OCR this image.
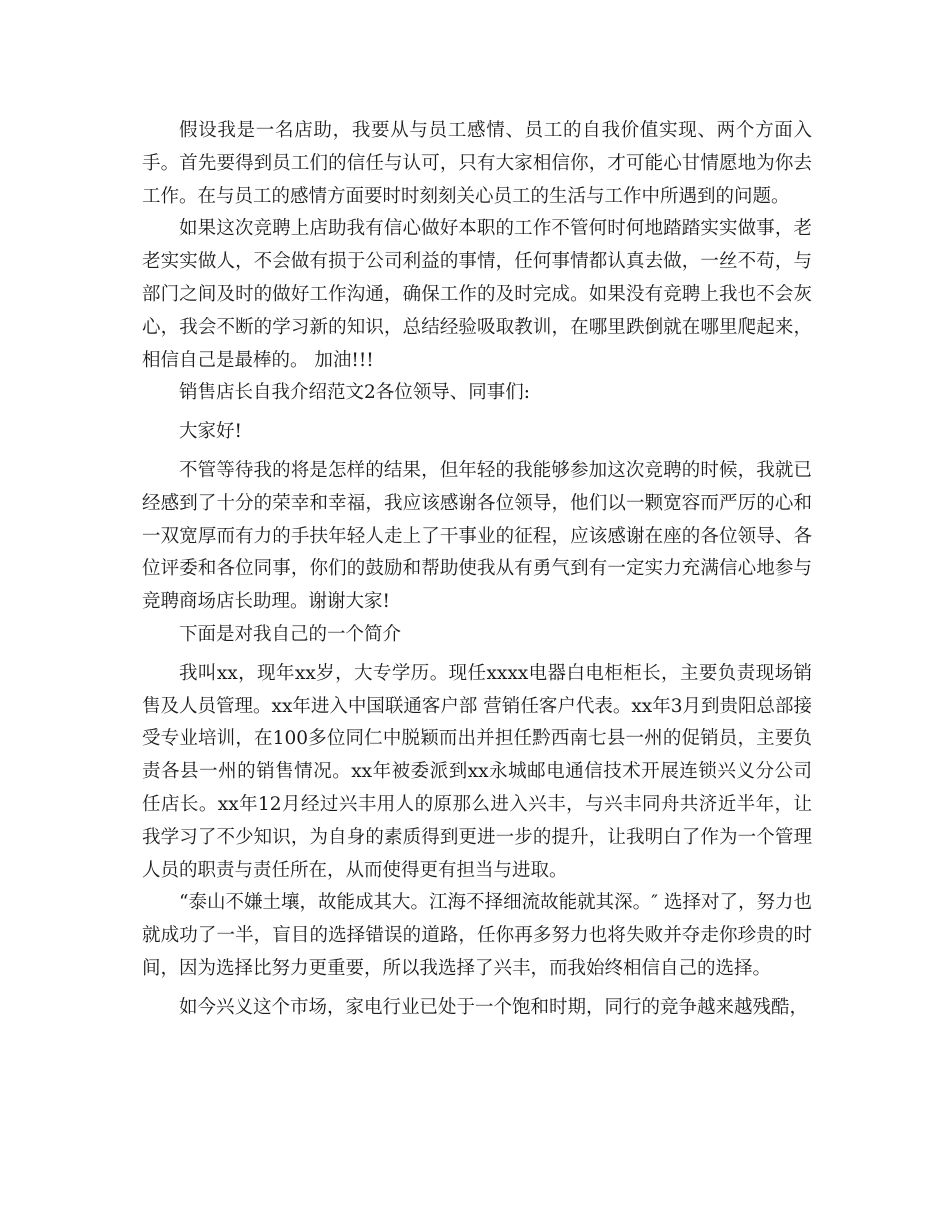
假设我是一名店助，我要从与员工感情、员工的自我价值实现、两个方面入手。首先要得到员工们的信任与认可，只有大家相信你，才可能心甘情愿地为你去工作。在与员工的感情方面要时时刻刻关心员工的生活与工作中所遇到的问题。

如果这次竞聘上店助我有信心做好本职的工作不管何时何地踏踏实实做事，老老实实做人，不会做有损于公司利益的事情，任何事情都认真去做，一丝不苟，与部门之间及时的做好工作沟通，确保工作的及时完成。如果没有竞聘上我也不会灰心，我会不断的学习新的知识，总结经验吸取教训，在哪里跌倒就在哪里爬起来，相信自己是最棒的。 加油!!!

销售店长自我介绍范文2各位领导、同事们:

大家好!

不管等待我的将是怎样的结果，但年轻的我能够参加这次竞聘的时候，我就已经感到了十分的荣幸和幸福，我应该感谢各位领导，他们以一颗宽容而严厉的心和一双宽厚而有力的手扶年轻人走上了干事业的征程，应该感谢在座的各位领导、各位评委和各位同事，你们的鼓励和帮助使我从有勇气到有一定实力充满信心地参与竞聘商场店长助理。谢谢大家!

下面是对我自己的一个简介

我叫xx，现年xx岁，大专学历。现任xxxx电器白电柜柜长，主要负责现场销售及人员管理。xx年进入中国联通客户部 营销任客户代表。xx年3月到贵阳总部接受专业培训，在100多位同仁中脱颖而出并担任黔西南七县一州的促销员，主要负责各县一州的销售情况。xx年被委派到xx永城邮电通信技术开展连锁兴义分公司任店长。xx年12月经过兴丰用人的原那么进入兴丰，与兴丰同舟共济近半年，让我学习了不少知识，为自身的素质得到更进一步的提升，让我明白了作为一个管理人员的职责与责任所在，从而使得更有担当与进取。

“泰山不嫌土壤，故能成其大。江海不择细流故能就其深。″ 选择对了，努力也就成功了一半，盲目的选择错误的道路，任你再多努力也将失败并夺走你珍贵的时间，因为选择比努力更重要，所以我选择了兴丰，而我始终相信自己的选择。

如今兴义这个市场，家电行业已处于一个饱和时期，同行的竞争越来越残酷，
